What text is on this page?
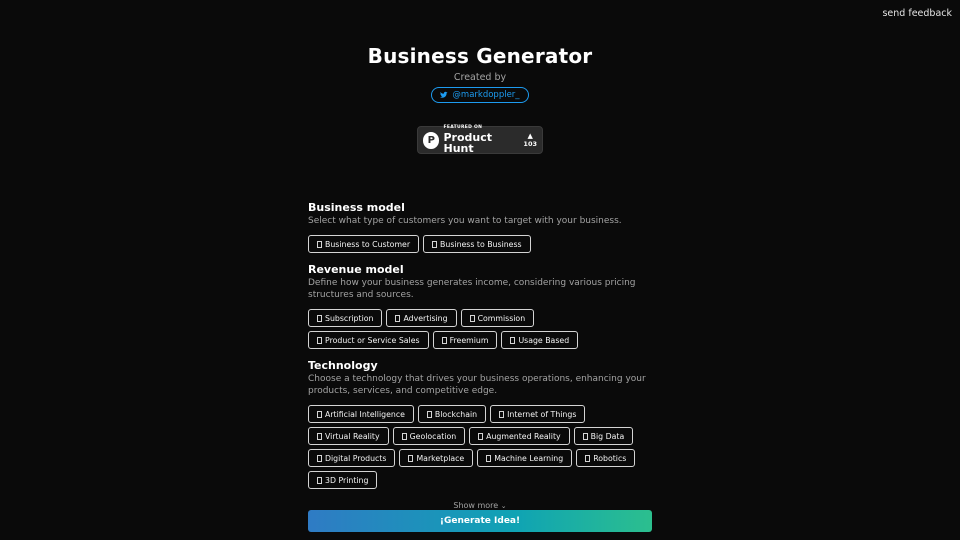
send feedback
Business Generator
Created by
@markdoppler_
P
FEATURED ON
Product Hunt
▲
103
Business model
Select what type of customers you want to target with your business.
Business to Customer	Business to Business
Revenue model
Define how your business generates income, considering various pricing structures and sources.
Subscription	Advertising	Commission
Product or Service Sales	Freemium	Usage Based
Technology
Choose a technology that drives your business operations, enhancing your products, services, and competitive edge.
Artificial Intelligence	Blockchain	Internet of Things
Virtual Reality	Geolocation	Augmented Reality	Big Data
Digital Products	Marketplace	Machine Learning	Robotics
3D Printing
Show more ⌄
¡Generate Idea!
